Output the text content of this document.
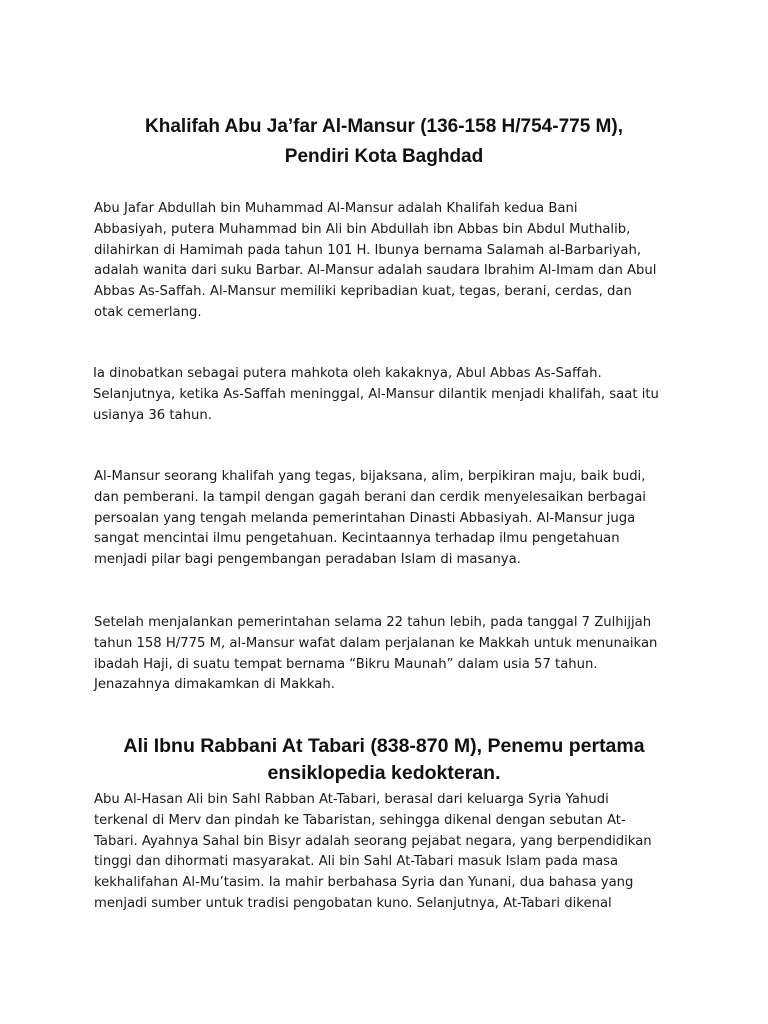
Khalifah Abu Ja’far Al-Mansur (136-158 H/754-775 M),
Pendiri Kota Baghdad

Abu Jafar Abdullah bin Muhammad Al-Mansur adalah Khalifah kedua Bani
Abbasiyah, putera Muhammad bin Ali bin Abdullah ibn Abbas bin Abdul Muthalib,
dilahirkan di Hamimah pada tahun 101 H. Ibunya bernama Salamah al-Barbariyah,
adalah wanita dari suku Barbar. Al-Mansur adalah saudara Ibrahim Al-Imam dan Abul
Abbas As-Saffah. Al-Mansur memiliki kepribadian kuat, tegas, berani, cerdas, dan
otak cemerlang.

Ia dinobatkan sebagai putera mahkota oleh kakaknya, Abul Abbas As-Saffah.
Selanjutnya, ketika As-Saffah meninggal, Al-Mansur dilantik menjadi khalifah, saat itu
usianya 36 tahun.

Al-Mansur seorang khalifah yang tegas, bijaksana, alim, berpikiran maju, baik budi,
dan pemberani. Ia tampil dengan gagah berani dan cerdik menyelesaikan berbagai
persoalan yang tengah melanda pemerintahan Dinasti Abbasiyah. Al-Mansur juga
sangat mencintai ilmu pengetahuan. Kecintaannya terhadap ilmu pengetahuan
menjadi pilar bagi pengembangan peradaban Islam di masanya.

Setelah menjalankan pemerintahan selama 22 tahun lebih, pada tanggal 7 Zulhijjah
tahun 158 H/775 M, al-Mansur wafat dalam perjalanan ke Makkah untuk menunaikan
ibadah Haji, di suatu tempat bernama “Bikru Maunah” dalam usia 57 tahun.
Jenazahnya dimakamkan di Makkah.

Ali Ibnu Rabbani At Tabari (838-870 M), Penemu pertama
ensiklopedia kedokteran.

Abu Al-Hasan Ali bin Sahl Rabban At-Tabari, berasal dari keluarga Syria Yahudi
terkenal di Merv dan pindah ke Tabaristan, sehingga dikenal dengan sebutan At-
Tabari. Ayahnya Sahal bin Bisyr adalah seorang pejabat negara, yang berpendidikan
tinggi dan dihormati masyarakat. Ali bin Sahl At-Tabari masuk Islam pada masa
kekhalifahan Al-Mu’tasim. Ia mahir berbahasa Syria dan Yunani, dua bahasa yang
menjadi sumber untuk tradisi pengobatan kuno. Selanjutnya, At-Tabari dikenal
